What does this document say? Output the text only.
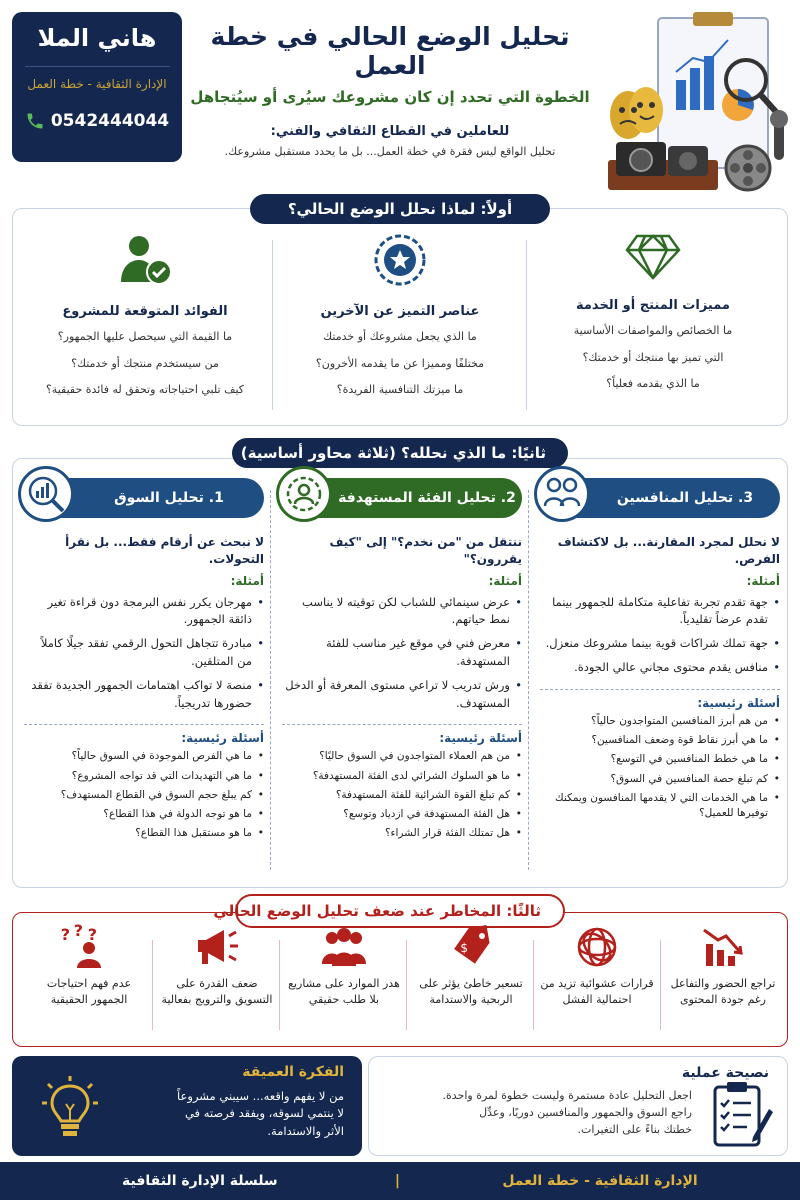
هاني الملا
الإدارة الثقافية - خطة العمل
0542444044
تحليل الوضع الحالي في خطة العمل
الخطوة التي تحدد إن كان مشروعك سيُرى أو سيُتجاهل
للعاملين في القطاع الثقافي والفني:
تحليل الواقع ليس فقرة في خطة العمل... بل ما يحدد مستقبل مشروعك.
أولاً: لماذا نحلل الوضع الحالي؟
مميزات المنتج أو الخدمة
ما الخصائص والمواصفات الأساسية
التي تميز بها منتجك أو خدمتك؟
ما الذي يقدمه فعلياً؟
عناصر التميز عن الآخرين
ما الذي يجعل مشروعك أو خدمتك
مختلفًا ومميزا عن ما يقدمه الأخرون؟
ما ميزتك التنافسية الفريدة؟
الفوائد المتوقعة للمشروع
ما القيمة التي سيحصل عليها الجمهور؟
من سيستخدم منتجك أو خدمتك؟
كيف تلبي احتياجاته وتحقق له فائدة حقيقية؟
ثانيًا: ما الذي نحلله؟ (ثلاثة محاور أساسية)
3. تحليل المنافسين
لا نحلل لمجرد المقارنة... بل لاكتشاف الفرص.
أمثلة:
• جهة تقدم تجربة تفاعلية متكاملة للجمهور بينما تقدم عرضاً تقليدياً.
• جهة تملك شراكات قوية بينما مشروعك منعزل.
• منافس يقدم محتوى مجاني عالي الجودة.
أسئلة رئيسية:
• من هم أبرز المنافسين المتواجدون حالياً؟
• ما هي أبرز نقاط قوة وضعف المنافسين؟
• ما هي خطط المنافسين في التوسع؟
• كم تبلغ حصة المنافسين في السوق؟
• ما هي الخدمات التي لا يقدمها المنافسون ويمكنك توفيرها للعميل؟
2. تحليل الفئة المستهدفة
ننتقل من "من نخدم؟" إلى "كيف يقررون؟"
أمثلة:
• عرض سينمائي للشباب لكن توقيته لا يناسب نمط حياتهم.
• معرض فني في موقع غير مناسب للفئة المستهدفة.
• ورش تدريب لا تراعي مستوى المعرفة أو الدخل المستهدف.
أسئلة رئيسية:
• من هم العملاء المتواجدون في السوق حاليًا؟
• ما هو السلوك الشرائي لدى الفئة المستهدفة؟
• كم تبلغ القوة الشرائية للفئة المستهدفة؟
• هل الفئة المستهدفة في ازدياد وتوسع؟
• هل تمتلك الفئة قرار الشراء؟
1. تحليل السوق
لا نبحث عن أرقام فقط... بل نقرأ التحولات.
أمثلة:
• مهرجان يكرر نفس البرمجة دون قراءة تغير ذائقة الجمهور.
• مبادرة تتجاهل التحول الرقمي تفقد جيلًا كاملاً من المتلقين.
• منصة لا تواكب اهتمامات الجمهور الجديدة تفقد حضورها تدريجياً.
أسئلة رئيسية:
• ما هي الفرص الموجودة في السوق حالياً؟
• ما هي التهديدات التي قد تواجه المشروع؟
• كم يبلغ حجم السوق في القطاع المستهدف؟
• ما هو توجه الدولة في هذا القطاع؟
• ما هو مستقبل هذا القطاع؟
ثالثًا: المخاطر عند ضعف تحليل الوضع الحالي
تراجع الحضور والتفاعل رغم جودة المحتوى
قرارات عشوائية تزيد من احتمالية الفشل
$
تسعير خاطئ يؤثر على الربحية والاستدامة
هدر الموارد على مشاريع بلا طلب حقيقي
ضعف القدرة على التسويق والترويج بفعالية
? ? ?
عدم فهم احتياجات الجمهور الحقيقية
نصيحة عملية
اجعل التحليل عادة مستمرة وليست خطوة لمرة واحدة.
راجع السوق والجمهور والمنافسين دوريًا، وعدِّل
خطتك بناءً على التغيرات.
الفكرة العميقة
من لا يفهم واقعه... سيبني مشروعاً
لا ينتمي لسوقه، ويفقد فرصته في
الأثر والاستدامة.
الإدارة الثقافية - خطة العمل
|
سلسلة الإدارة الثقافية
